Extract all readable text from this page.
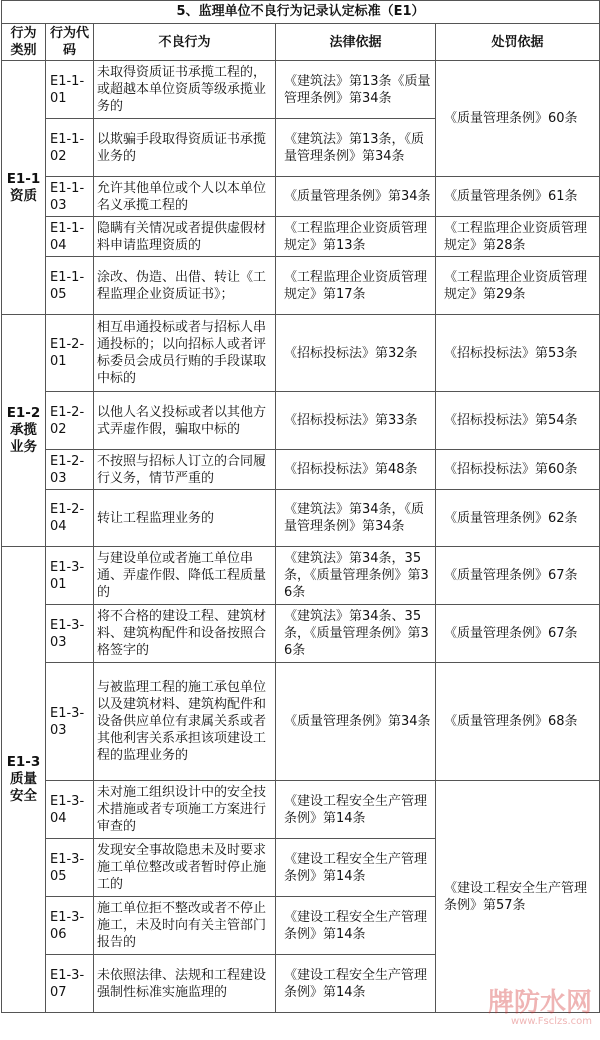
5、监理单位不良行为记录认定标准（E1）				
行为类别	行为代码	不良行为	法律依据	处罚依据
E1-1资质	E1-1-01	未取得资质证书承揽工程的，或超越本单位资质等级承揽业务的	《建筑法》第13条《质量管理条例》第34条	《质量管理条例》60条
	E1-1-02	以欺骗手段取得资质证书承揽业务的	《建筑法》第13条，《质量管理条例》第34条	
	E1-1-03	允许其他单位或个人以本单位名义承揽工程的	《质量管理条例》第34条	《质量管理条例》61条
	E1-1-04	隐瞒有关情况或者提供虚假材料申请监理资质的	《工程监理企业资质管理规定》第13条	《工程监理企业资质管理规定》第28条
	E1-1-05	涂改、伪造、出借、转让《工程监理企业资质证书》；	《工程监理企业资质管理规定》第17条	《工程监理企业资质管理规定》第29条
E1-2承揽业务	E1-2-01	相互串通投标或者与招标人串通投标的；以向招标人或者评标委员会成员行贿的手段谋取中标的	《招标投标法》第32条	《招标投标法》第53条
	E1-2-02	以他人名义投标或者以其他方式弄虚作假，骗取中标的	《招标投标法》第33条	《招标投标法》第54条
	E1-2-03	不按照与招标人订立的合同履行义务，情节严重的	《招标投标法》第48条	《招标投标法》第60条
	E1-2-04	转让工程监理业务的	《建筑法》第34条，《质量管理条例》第34条	《质量管理条例》62条
E1-3质量安全	E1-3-01	与建设单位或者施工单位串通、弄虚作假、降低工程质量的	《建筑法》第34条，35条，《质量管理条例》第36条	《质量管理条例》67条
	E1-3-03	将不合格的建设工程、建筑材料、建筑构配件和设备按照合格签字的	《建筑法》第34条、35条，《质量管理条例》第36条	《质量管理条例》67条
	E1-3-03	与被监理工程的施工承包单位以及建筑材料、建筑构配件和设备供应单位有隶属关系或者其他利害关系承担该项建设工程的监理业务的	《质量管理条例》第34条	《质量管理条例》68条
	E1-3-04	未对施工组织设计中的安全技术措施或者专项施工方案进行审查的	《建设工程安全生产管理条例》第14条	《建设工程安全生产管理条例》第57条
	E1-3-05	发现安全事故隐患未及时要求施工单位整改或者暂时停止施工的	《建设工程安全生产管理条例》第14条	
	E1-3-06	施工单位拒不整改或者不停止施工，未及时向有关主管部门报告的	《建设工程安全生产管理条例》第14条	
	E1-3-07	未依照法律、法规和工程建设强制性标准实施监理的	《建设工程安全生产管理条例》第14条		牌防水网
www.Fsclzs.com
